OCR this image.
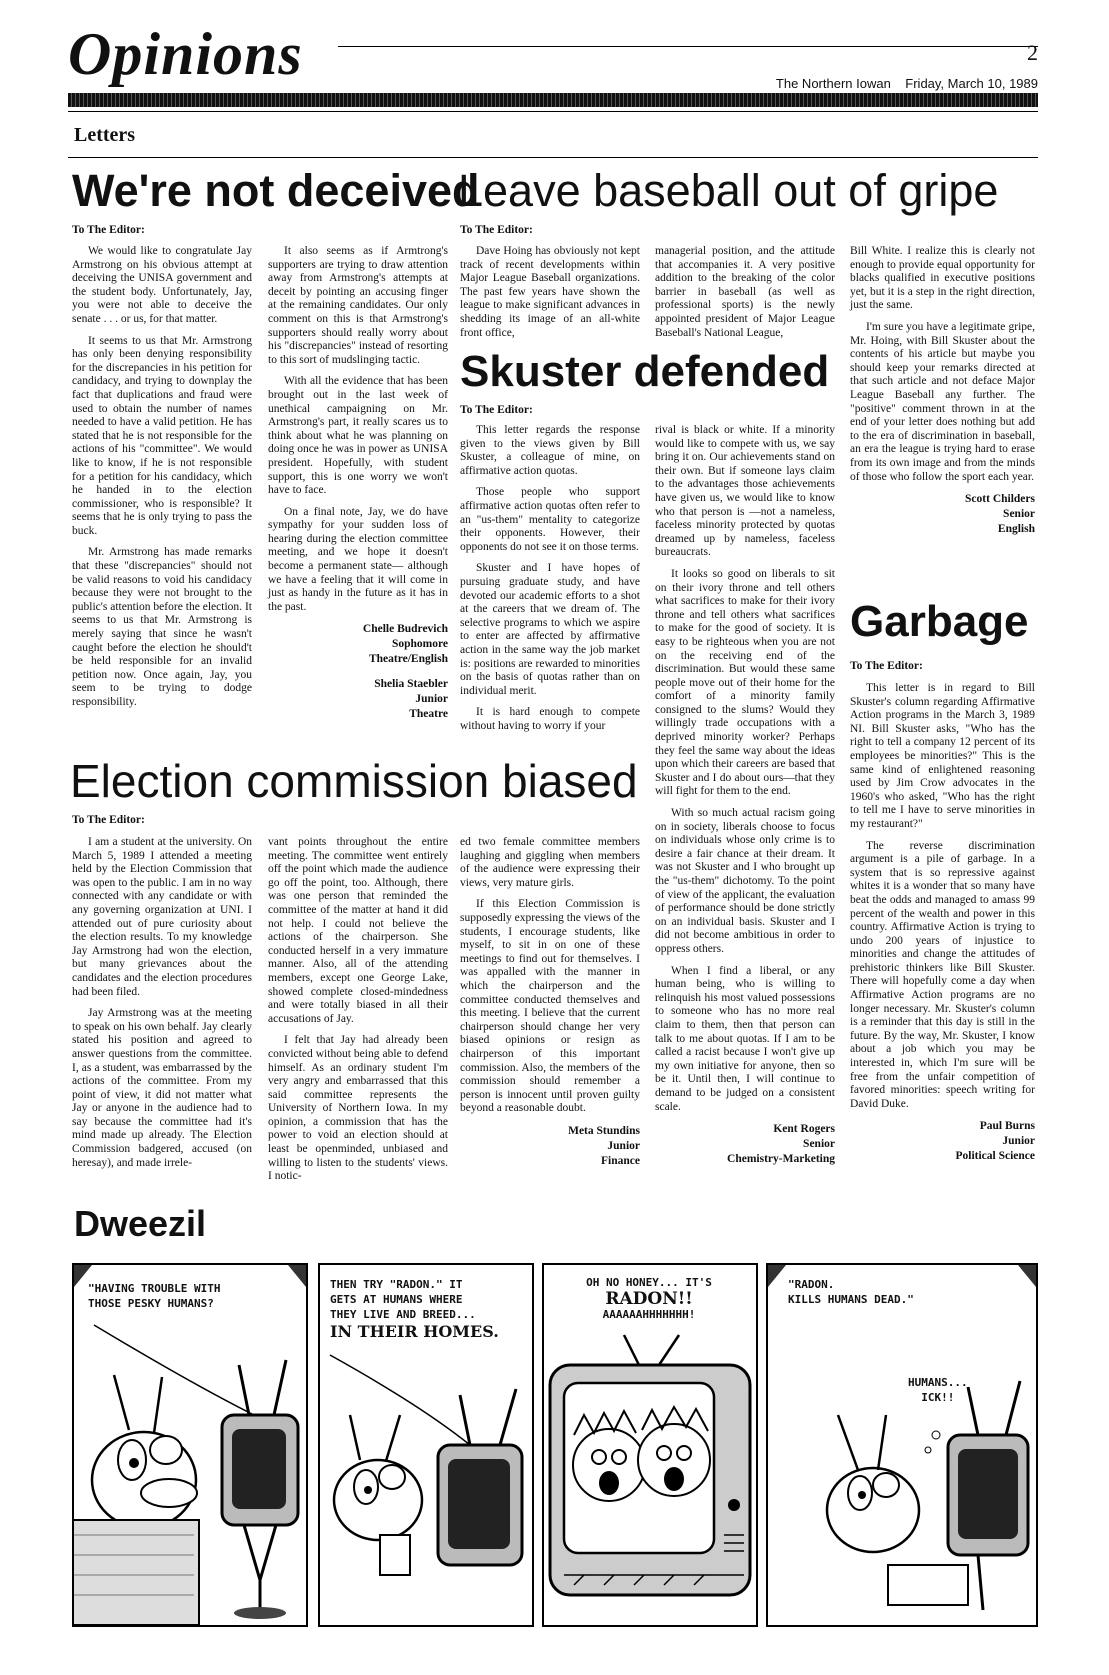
Opinions	2
The Northern Iowan Friday, March 10, 1989
Letters
We're not deceived
To The Editor:

We would like to congratulate Jay Armstrong on his obvious attempt at deceiving the UNISA government and the student body. Unfortunately, Jay, you were not able to deceive the senate . . . or us, for that matter.

It seems to us that Mr. Armstrong has only been denying responsibility for the discrepancies in his petition for candidacy, and trying to downplay the fact that duplications and fraud were used to obtain the number of names needed to have a valid petition. He has stated that he is not responsible for the actions of his "committee". We would like to know, if he is not responsible for a petition for his candidacy, which he handed in to the election commissioner, who is responsible? It seems that he is only trying to pass the buck.

Mr. Armstrong has made remarks that these "discrepancies" should not be valid reasons to void his candidacy because they were not brought to the public's attention before the election. It seems to us that Mr. Armstrong is merely saying that since he wasn't caught before the election he should't be held responsible for an invalid petition now. Once again, Jay, you seem to be trying to dodge responsibility.

It also seems as if Armtrong's supporters are trying to draw attention away from Armstrong's attempts at deceit by pointing an accusing finger at the remaining candidates. Our only comment on this is that Armstrong's supporters should really worry about his "discrepancies" instead of resorting to this sort of mudslinging tactic.

With all the evidence that has been brought out in the last week of unethical campaigning on Mr. Armstrong's part, it really scares us to think about what he was planning on doing once he was in power as UNISA president. Hopefully, with student support, this is one worry we won't have to face.

On a final note, Jay, we do have sympathy for your sudden loss of hearing during the election committee meeting, and we hope it doesn't become a permanent state— although we have a feeling that it will come in just as handy in the future as it has in the past.

Chelle Budrevich
Sophomore
Theatre/English
Shelia Staebler
Junior
Theatre
Leave baseball out of gripe
To The Editor:

Dave Hoing has obviously not kept track of recent developments within Major League Baseball organizations. The past few years have shown the league to make significant advances in shedding its image of an all-white front office,

managerial position, and the attitude that accompanies it. A very positive addition to the breaking of the color barrier in baseball (as well as professional sports) is the newly appointed president of Major League Baseball's National League,

Bill White. I realize this is clearly not enough to provide equal opportunity for blacks qualified in executive positions yet, but it is a step in the right direction, just the same.

I'm sure you have a legitimate gripe, Mr. Hoing, with Bill Skuster about the contents of his article but maybe you should keep your remarks directed at that such article and not deface Major League Baseball any further. The "positive" comment thrown in at the end of your letter does nothing but add to the era of discrimination in baseball, an era the league is trying hard to erase from its own image and from the minds of those who follow the sport each year.

Scott Childers
Senior
English
Skuster defended
To The Editor:

This letter regards the response given to the views given by Bill Skuster, a colleague of mine, on affirmative action quotas.

Those people who support affirmative action quotas often refer to an "us-them" mentality to categorize their opponents. However, their opponents do not see it on those terms.

Skuster and I have hopes of pursuing graduate study, and have devoted our academic efforts to a shot at the careers that we dream of. The selective programs to which we aspire to enter are affected by affirmative action in the same way the job market is: positions are rewarded to minorities on the basis of quotas rather than on individual merit.

It is hard enough to compete without having to worry if your

rival is black or white. If a minority would like to compete with us, we say bring it on. Our achievements stand on their own. But if someone lays claim to the advantages those achievements have given us, we would like to know who that person is —not a nameless, faceless minority protected by quotas dreamed up by nameless, faceless bureaucrats.

It looks so good on liberals to sit on their ivory throne and tell others what sacrifices to make for their ivory throne and tell others what sacrifices to make for the good of society. It is easy to be righteous when you are not on the receiving end of the discrimination. But would these same people move out of their home for the comfort of a minority family consigned to the slums? Would they willingly trade occupations with a deprived minority worker? Perhaps they feel the same way about the ideas upon which their careers are based that Skuster and I do about ours—that they will fight for them to the end.

With so much actual racism going on in society, liberals choose to focus on individuals whose only crime is to desire a fair chance at their dream. It was not Skuster and I who brought up the "us-them" dichotomy. To the point of view of the applicant, the evaluation of performance should be done strictly on an individual basis. Skuster and I did not become ambitious in order to oppress others.

When I find a liberal, or any human being, who is willing to relinquish his most valued possessions to someone who has no more real claim to them, then that person can talk to me about quotas. If I am to be called a racist because I won't give up my own initiative for anyone, then so be it. Until then, I will continue to demand to be judged on a consistent scale.

Kent Rogers
Senior
Chemistry-Marketing
Garbage
To The Editor:

This letter is in regard to Bill Skuster's column regarding Affirmative Action programs in the March 3, 1989 NI. Bill Skuster asks, "Who has the right to tell a company 12 percent of its employees be minorities?" This is the same kind of enlightened reasoning used by Jim Crow advocates in the 1960's who asked, "Who has the right to tell me I have to serve minorities in my restaurant?"

The reverse discrimination argument is a pile of garbage. In a system that is so repressive against whites it is a wonder that so many have beat the odds and managed to amass 99 percent of the wealth and power in this country. Affirmative Action is trying to undo 200 years of injustice to minorities and change the attitudes of prehistoric thinkers like Bill Skuster. There will hopefully come a day when Affirmative Action programs are no longer necessary. Mr. Skuster's column is a reminder that this day is still in the future. By the way, Mr. Skuster, I know about a job which you may be interested in, which I'm sure will be free from the unfair competition of favored minorities: speech writing for David Duke.

Paul Burns
Junior
Political Science
Election commission biased
To The Editor:

I am a student at the university. On March 5, 1989 I attended a meeting held by the Election Commission that was open to the public. I am in no way connected with any candidate or with any governing organization at UNI. I attended out of pure curiosity about the election results. To my knowledge Jay Armstrong had won the election, but many grievances about the candidates and the election procedures had been filed.

Jay Armstrong was at the meeting to speak on his own behalf. Jay clearly stated his position and agreed to answer questions from the committee. I, as a student, was embarrassed by the actions of the committee. From my point of view, it did not matter what Jay or anyone in the audience had to say because the committee had it's mind made up already. The Election Commission badgered, accused (on heresay), and made irrele-

vant points throughout the entire meeting. The committee went entirely off the point which made the audience go off the point, too. Although, there was one person that reminded the committee of the matter at hand it did not help. I could not believe the actions of the chairperson. She conducted herself in a very immature manner. Also, all of the attending members, except one George Lake, showed complete closed-mindedness and were totally biased in all their accusations of Jay.

I felt that Jay had already been convicted without being able to defend himself. As an ordinary student I'm very angry and embarrassed that this said committee represents the University of Northern Iowa. In my opinion, a commission that has the power to void an election should at least be openminded, unbiased and willing to listen to the students' views. I notic-

ed two female committee members laughing and giggling when members of the audience were expressing their views, very mature girls.

If this Election Commission is supposedly expressing the views of the students, I encourage students, like myself, to sit in on one of these meetings to find out for themselves. I was appalled with the manner in which the chairperson and the committee conducted themselves and this meeting. I believe that the current chairperson should change her very biased opinions or resign as chairperson of this important commission. Also, the members of the commission should remember a person is innocent until proven guilty beyond a reasonable doubt.

Meta Stundins
Junior
Finance
Dweezil
"HAVING TROUBLE WITH
THOSE PESKY HUMANS?
THEN TRY "RADON." IT
GETS AT HUMANS WHERE
THEY LIVE AND BREED...
IN THEIR HOMES.
OH NO HONEY... IT'S
RADON!!
AAAAAAHHHHHHH!
"RADON.
KILLS HUMANS DEAD."
HUMANS...
ICK!!
